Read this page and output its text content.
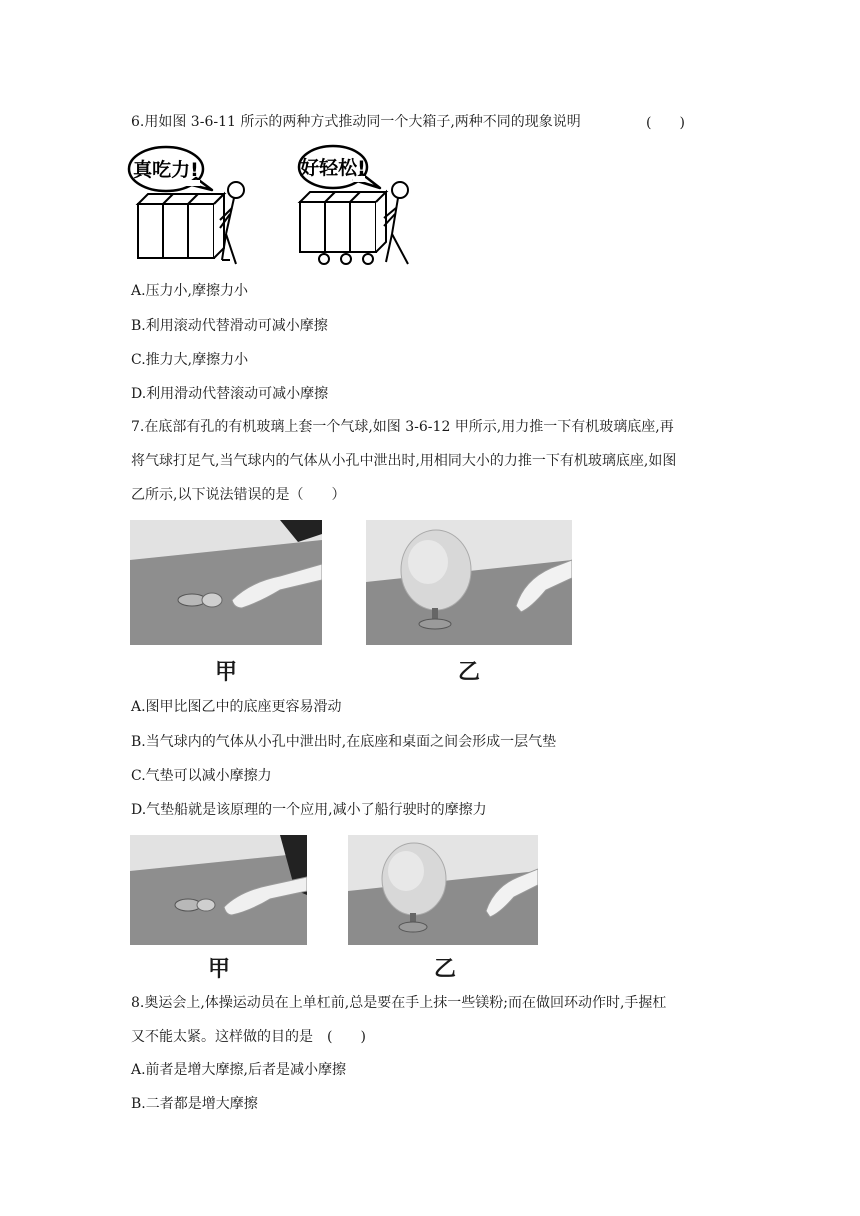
6.用如图 3-6-11 所示的两种方式推动同一个大箱子,两种不同的现象说明	(　　)
真吃力!	好轻松!
A.压力小,摩擦力小
B.利用滚动代替滑动可减小摩擦
C.推力大,摩擦力小
D.利用滑动代替滚动可减小摩擦
7.在底部有孔的有机玻璃上套一个气球,如图 3-6-12 甲所示,用力推一下有机玻璃底座,再
将气球打足气,当气球内的气体从小孔中泄出时,用相同大小的力推一下有机玻璃底座,如图
乙所示,以下说法错误的是（　　）
甲	乙
A.图甲比图乙中的底座更容易滑动
B.当气球内的气体从小孔中泄出时,在底座和桌面之间会形成一层气垫
C.气垫可以减小摩擦力
D.气垫船就是该原理的一个应用,减小了船行驶时的摩擦力
甲	乙
8.奥运会上,体操运动员在上单杠前,总是要在手上抹一些镁粉;而在做回环动作时,手握杠
又不能太紧。这样做的目的是　(　　)
A.前者是增大摩擦,后者是减小摩擦
B.二者都是增大摩擦
